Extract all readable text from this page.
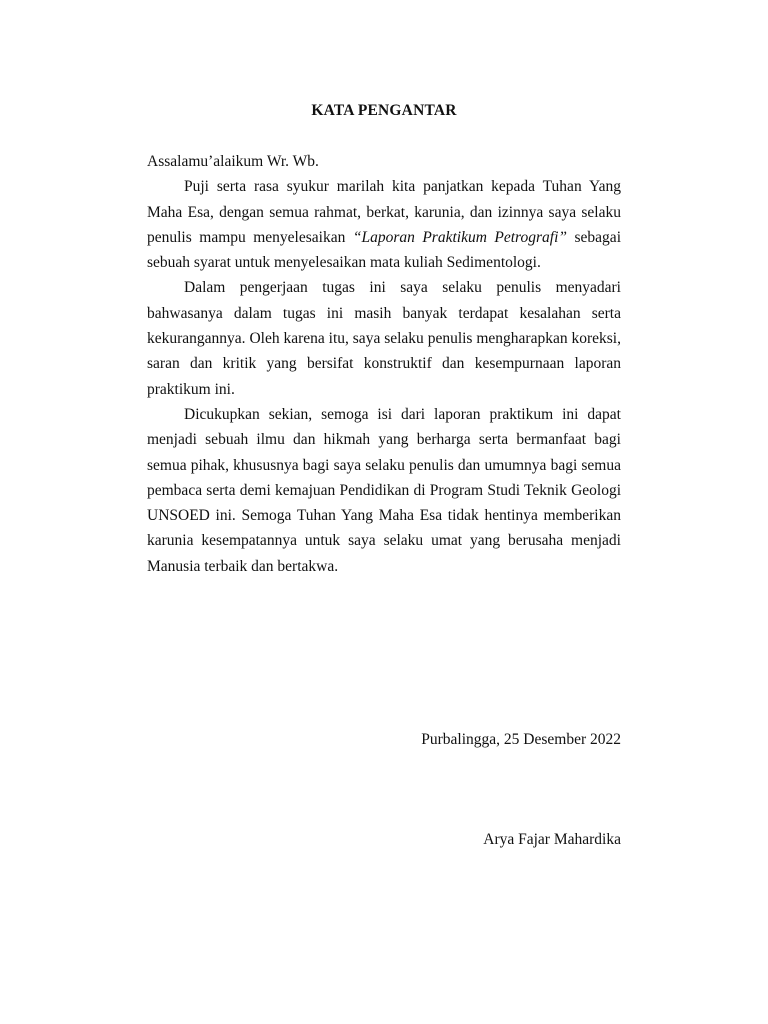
KATA PENGANTAR

Assalamu’alaikum Wr. Wb.

Puji serta rasa syukur marilah kita panjatkan kepada Tuhan Yang Maha Esa, dengan semua rahmat, berkat, karunia, dan izinnya saya selaku penulis mampu menyelesaikan “Laporan Praktikum Petrografi” sebagai sebuah syarat untuk menyelesaikan mata kuliah Sedimentologi.

Dalam pengerjaan tugas ini saya selaku penulis menyadari bahwasanya dalam tugas ini masih banyak terdapat kesalahan serta kekurangannya. Oleh karena itu, saya selaku penulis mengharapkan koreksi, saran dan kritik yang bersifat konstruktif dan kesempurnaan laporan praktikum ini.

Dicukupkan sekian, semoga isi dari laporan praktikum ini dapat menjadi sebuah ilmu dan hikmah yang berharga serta bermanfaat bagi semua pihak, khususnya bagi saya selaku penulis dan umumnya bagi semua pembaca serta demi kemajuan Pendidikan di Program Studi Teknik Geologi UNSOED ini. Semoga Tuhan Yang Maha Esa tidak hentinya memberikan karunia kesempatannya untuk saya selaku umat yang berusaha menjadi Manusia terbaik dan bertakwa.

Purbalingga, 25 Desember 2022
Arya Fajar Mahardika
